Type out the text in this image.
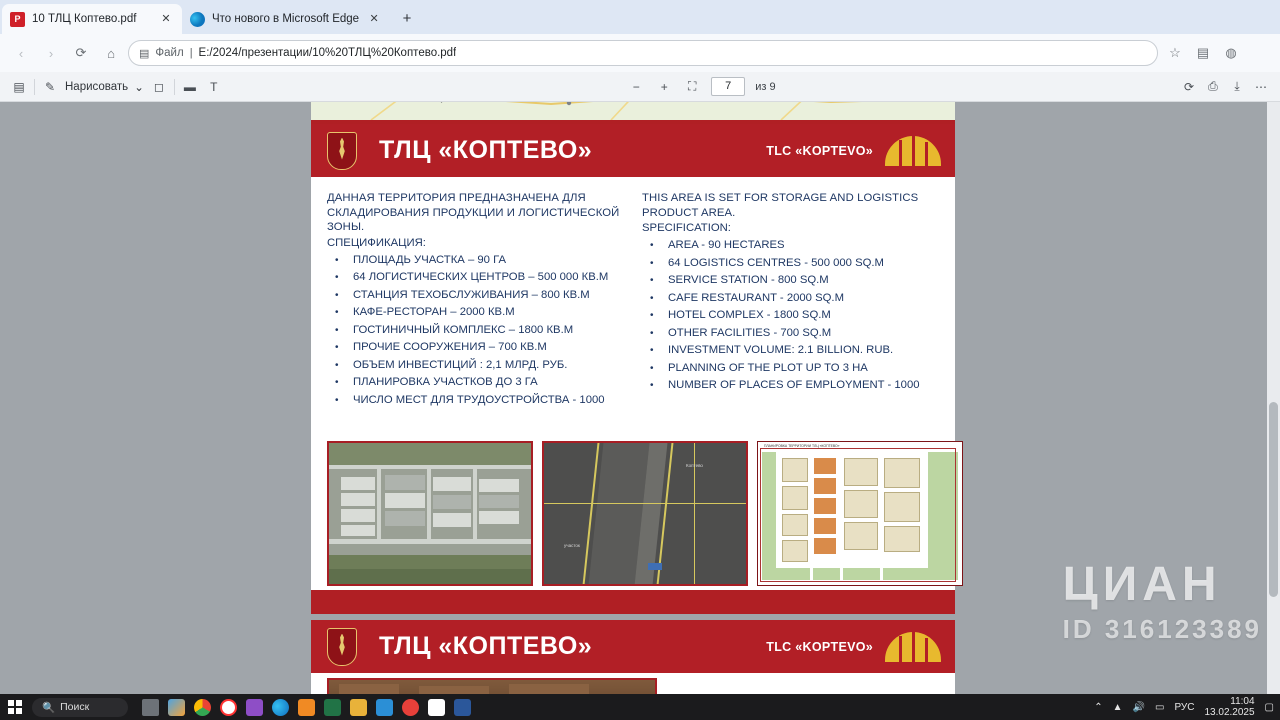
P
10 ТЛЦ Коптево.pdf	✕	Что нового в Microsoft Edge ✕	+
‹	›	⟳	⌂	▤ Файл | E:/2024/презентации/10%20ТЛЦ%20Коптево.pdf	☆	▤	◍
▤	✎ Нарисовать ⌄ ◻	▬	T	−	+	⛶	7	из 9	⟳	⎙	⤓	⋯
ТЛЦ «КОПТЕВО»	TLC «KOPTEVO»
ДАННАЯ ТЕРРИТОРИЯ ПРЕДНАЗНАЧЕНА ДЛЯ СКЛАДИРОВАНИЯ ПРОДУКЦИИ И ЛОГИСТИЧЕСКОЙ ЗОНЫ.
СПЕЦИФИКАЦИЯ:
• ПЛОЩАДЬ УЧАСТКА – 90 ГА
• 64 ЛОГИСТИЧЕСКИХ ЦЕНТРОВ – 500 000 КВ.М
• СТАНЦИЯ ТЕХОБСЛУЖИВАНИЯ – 800 КВ.М
• КАФЕ-РЕСТОРАН – 2000 КВ.М
• ГОСТИНИЧНЫЙ КОМПЛЕКС – 1800 КВ.М
• ПРОЧИЕ СООРУЖЕНИЯ – 700 КВ.М
• ОБЪЕМ ИНВЕСТИЦИЙ : 2,1 МЛРД. РУБ.
• ПЛАНИРОВКА УЧАСТКОВ ДО 3 ГА
• ЧИСЛО МЕСТ ДЛЯ ТРУДОУСТРОЙСТВА - 1000
THIS AREA IS SET FOR STORAGE AND LOGISTICS PRODUCT AREA.
SPECIFICATION:
• AREA - 90 HECTARES
• 64 LOGISTICS CENTRES - 500 000 SQ.M
• SERVICE STATION - 800 SQ.M
• CAFE RESTAURANT - 2000 SQ.M
• HOTEL COMPLEX - 1800 SQ.M
• OTHER FACILITIES - 700 SQ.M
• INVESTMENT VOLUME: 2.1 BILLION. RUB.
• PLANNING OF THE PLOT UP TO 3 HA
• NUMBER OF PLACES OF EMPLOYMENT - 1000
Коптево
участок
ПЛАНИРОВКА ТЕРРИТОРИИ ТЛЦ «КОПТЕВО»
ТЛЦ «КОПТЕВО»	TLC «KOPTEVO»
ЦИАН
ID 316123389
🔍 Поиск	⌃ ▲ 🔊 ▭ РУС	11:04
13.02.2025 ▢
